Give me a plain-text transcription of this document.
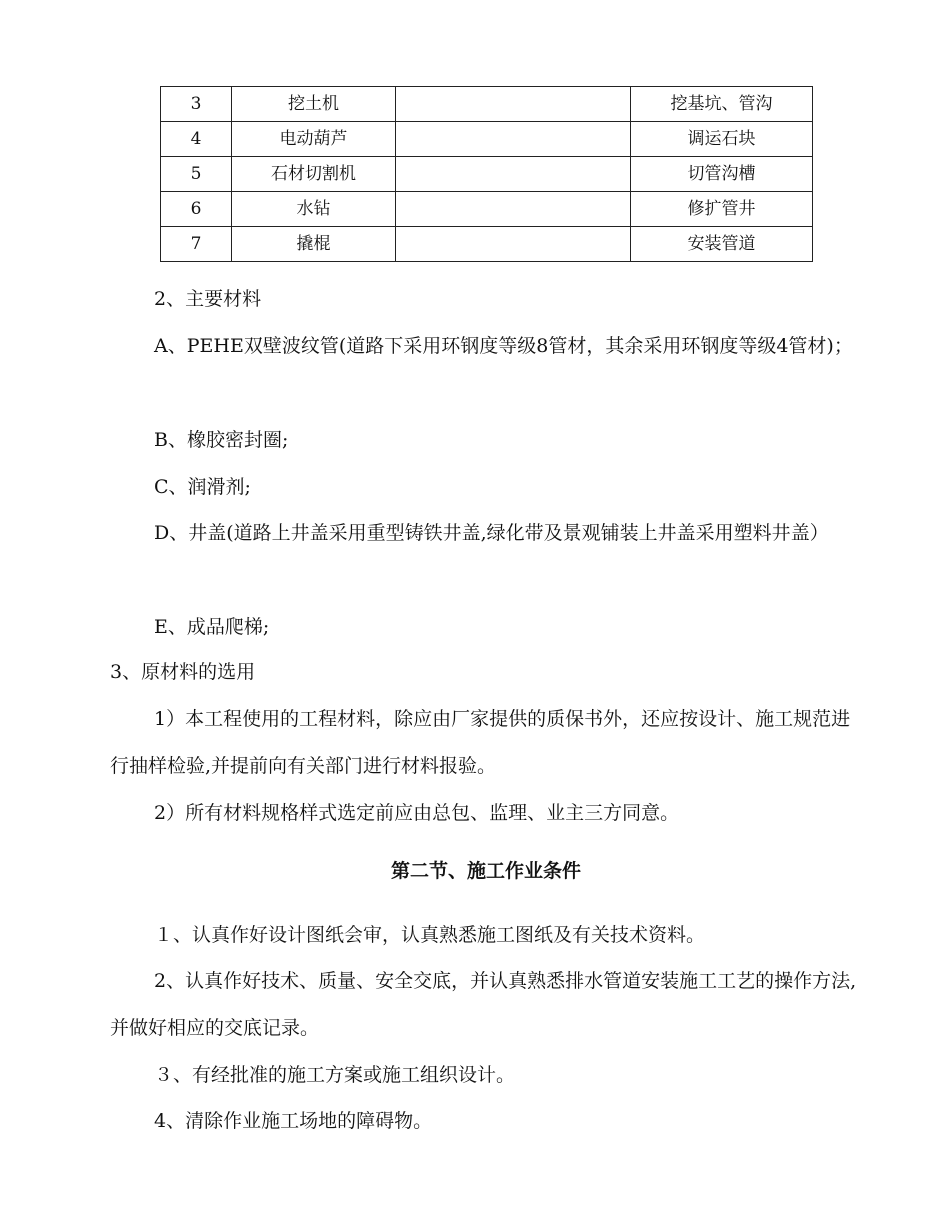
3	挖土机		挖基坑、管沟
4	电动葫芦		调运石块
5	石材切割机		切管沟槽
6	水钻		修扩管井
7	撬棍		安装管道

2、主要材料

A、PEHE双壁波纹管(道路下采用环钢度等级8管材，其余采用环钢度等级4管材)；

B、橡胶密封圈;

C、润滑剂;

D、井盖(道路上井盖采用重型铸铁井盖,绿化带及景观铺装上井盖采用塑料井盖）

E、成品爬梯;

3、原材料的选用

1）本工程使用的工程材料，除应由厂家提供的质保书外，还应按设计、施工规范进行抽样检验,并提前向有关部门进行材料报验。

2）所有材料规格样式选定前应由总包、监理、业主三方同意。

第二节、施工作业条件

１、认真作好设计图纸会审，认真熟悉施工图纸及有关技术资料。

2、认真作好技术、质量、安全交底，并认真熟悉排水管道安装施工工艺的操作方法,并做好相应的交底记录。

３、有经批准的施工方案或施工组织设计。

4、清除作业施工场地的障碍物。
